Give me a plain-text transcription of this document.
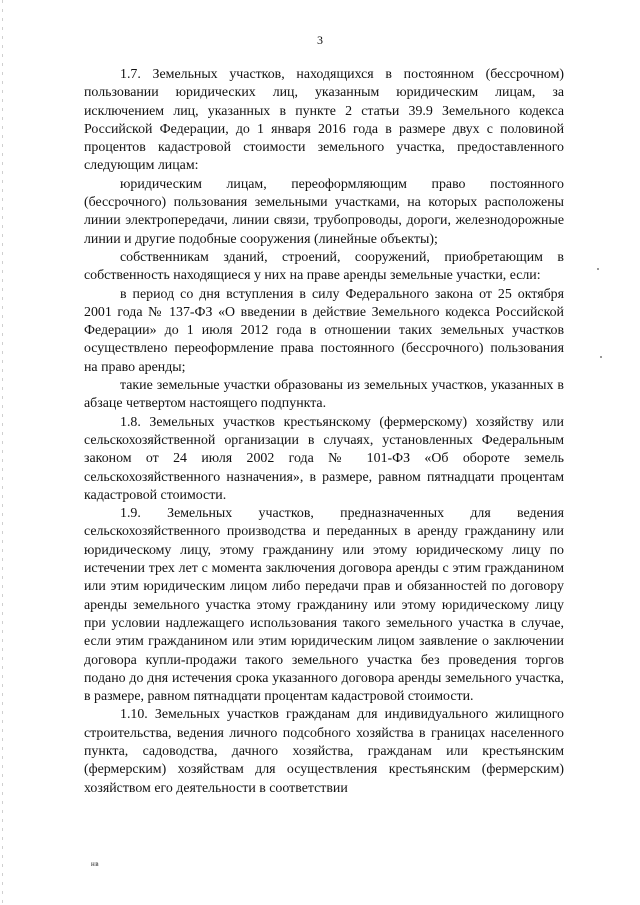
3

1.7. Земельных участков, находящихся в постоянном (бессрочном) пользовании юридических лиц, указанным юридическим лицам, за исключением лиц, указанных в пункте 2 статьи 39.9 Земельного кодекса Российской Федерации, до 1 января 2016 года в размере двух с половиной процентов кадастровой стоимости земельного участка, предоставленного следующим лицам:

юридическим лицам, переоформляющим право постоянного (бессрочного) пользования земельными участками, на которых расположены линии электропередачи, линии связи, трубопроводы, дороги, железнодорожные линии и другие подобные сооружения (линейные объекты);

собственникам зданий, строений, сооружений, приобретающим в собственность находящиеся у них на праве аренды земельные участки, если:

в период со дня вступления в силу Федерального закона от 25 октября 2001 года № 137-ФЗ «О введении в действие Земельного кодекса Российской Федерации» до 1 июля 2012 года в отношении таких земельных участков осуществлено переоформление права постоянного (бессрочного) пользования на право аренды;

такие земельные участки образованы из земельных участков, указанных в абзаце четвертом настоящего подпункта.

1.8. Земельных участков крестьянскому (фермерскому) хозяйству или сельскохозяйственной организации в случаях, установленных Федеральным законом от 24 июля 2002 года № 101-ФЗ «Об обороте земель сельскохозяйственного назначения», в размере, равном пятнадцати процентам кадастровой стоимости.

1.9. Земельных участков, предназначенных для ведения сельскохозяйственного производства и переданных в аренду гражданину или юридическому лицу, этому гражданину или этому юридическому лицу по истечении трех лет с момента заключения договора аренды с этим гражданином или этим юридическим лицом либо передачи прав и обязанностей по договору аренды земельного участка этому гражданину или этому юридическому лицу при условии надлежащего использования такого земельного участка в случае, если этим гражданином или этим юридическим лицом заявление о заключении договора купли-продажи такого земельного участка без проведения торгов подано до дня истечения срока указанного договора аренды земельного участка, в размере, равном пятнадцати процентам кадастровой стоимости.

1.10. Земельных участков гражданам для индивидуального жилищного строительства, ведения личного подсобного хозяйства в границах населенного пункта, садоводства, дачного хозяйства, гражданам или крестьянским (фермерским) хозяйствам для осуществления крестьянским (фермерским) хозяйством его деятельности в соответствии

нв
